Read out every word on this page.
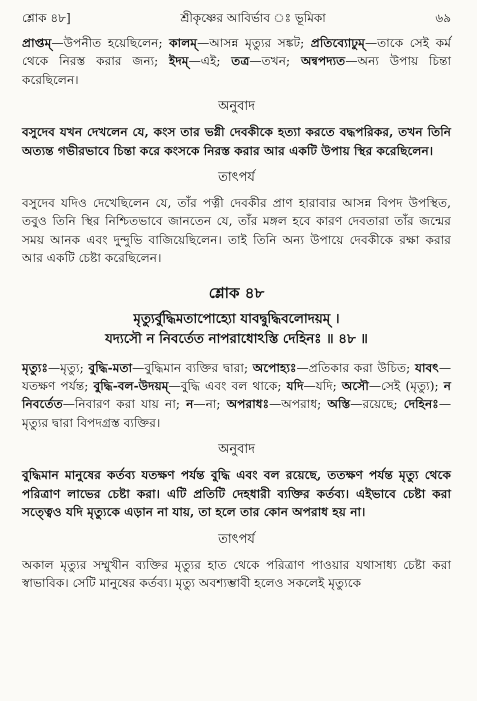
শ্লোক ৪৮]	শ্রীকৃষ্ণের আবির্ভাব ঃ ভূমিকা	৬৯
প্রাপ্তম্—উপনীত হয়েছিলেন; কালম্—আসন্ন মৃত্যুর সঙ্কট; প্রতিব্যোঢুম্—তাকে সেই কর্ম থেকে নিরস্ত করার জন্য; ইদম্—এই; তত্র—তখন; অন্বপদ্যত—অন্য উপায় চিন্তা করেছিলেন।
অনুবাদ

বসুদেব যখন দেখলেন যে, কংস তার ভগ্নী দেবকীকে হত্যা করতে বদ্ধপরিকর, তখন তিনি অত্যন্ত গভীরভাবে চিন্তা করে কংসকে নিরস্ত করার আর একটি উপায় স্থির করেছিলেন।

তাৎপর্য

বসুদেব যদিও দেখেছিলেন যে, তাঁর পত্নী দেবকীর প্রাণ হারাবার আসন্ন বিপদ উপস্থিত, তবুও তিনি স্থির নিশ্চিতভাবে জানতেন যে, তাঁর মঙ্গল হবে কারণ দেবতারা তাঁর জন্মের সময় আনক এবং দুন্দুভি বাজিয়েছিলেন। তাই তিনি অন্য উপায়ে দেবকীকে রক্ষা করার আর একটি চেষ্টা করেছিলেন।

শ্লোক ৪৮

মৃত্যুর্বুদ্ধিমতাপোহ্যো যাবদ্বুদ্ধিবলোদয়ম্ ।

যদ্যসৌ ন নিবর্তেত নাপরাধোঽস্তি দেহিনঃ ॥ ৪৮ ॥

মৃত্যুঃ—মৃত্যু; বুদ্ধি-মতা—বুদ্ধিমান ব্যক্তির দ্বারা; অপোহ্যঃ—প্রতিকার করা উচিত; যাবৎ—যতক্ষণ পর্যন্ত; বুদ্ধি-বল-উদয়ম্—বুদ্ধি এবং বল থাকে; যদি—যদি; অসৌ—সেই (মৃত্যু); ন নিবর্তেত—নিবারণ করা যায় না; ন—না; অপরাধঃ—অপরাধ; অস্তি—রয়েছে; দেহিনঃ—মৃত্যুর দ্বারা বিপদগ্রস্ত ব্যক্তির।
অনুবাদ

বুদ্ধিমান মানুষের কর্তব্য যতক্ষণ পর্যন্ত বুদ্ধি এবং বল রয়েছে, ততক্ষণ পর্যন্ত মৃত্যু থেকে পরিত্রাণ লাভের চেষ্টা করা। এটি প্রতিটি দেহধারী ব্যক্তির কর্তব্য। এইভাবে চেষ্টা করা সত্ত্বেও যদি মৃত্যুকে এড়ান না যায়, তা হলে তার কোন অপরাধ হয় না।

তাৎপর্য

অকাল মৃত্যুর সম্মুখীন ব্যক্তির মৃত্যুর হাত থেকে পরিত্রাণ পাওয়ার যথাসাধ্য চেষ্টা করা স্বাভাবিক। সেটি মানুষের কর্তব্য। মৃত্যু অবশ্যম্ভাবী হলেও সকলেই মৃত্যুকে
